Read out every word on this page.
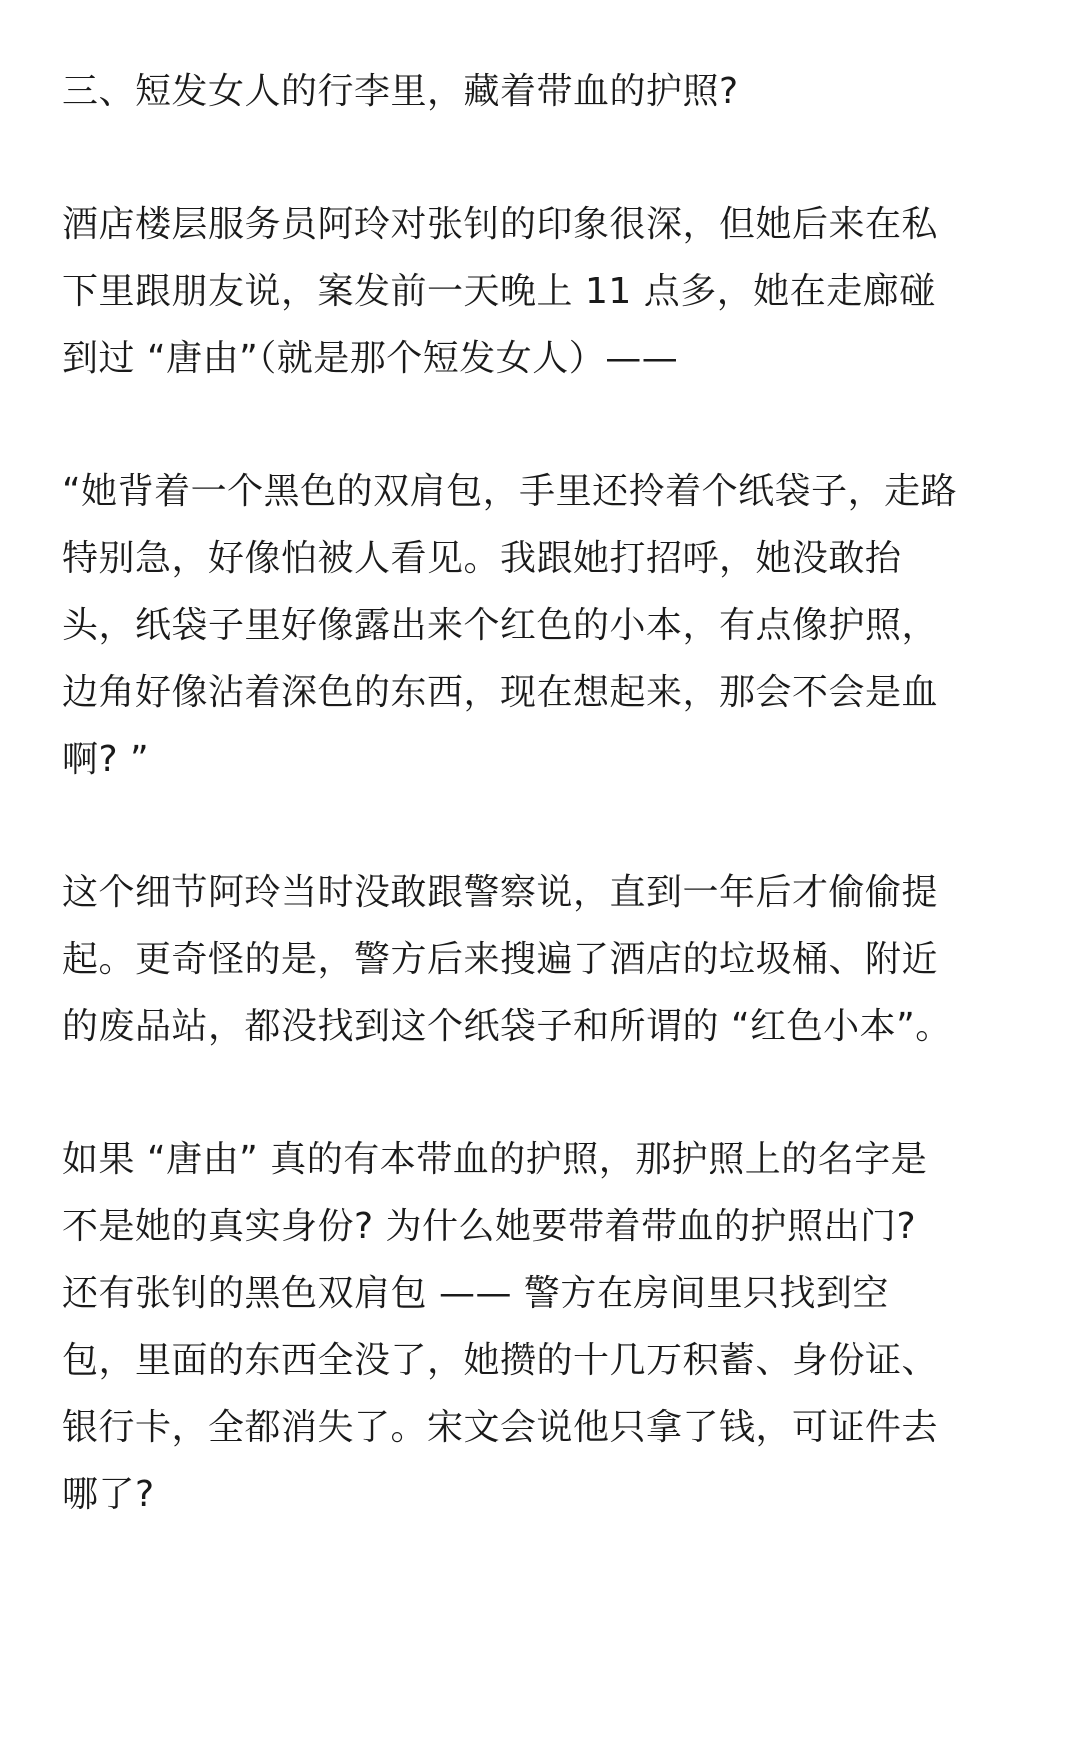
三、短发女人的行李里，藏着带血的护照?
酒店楼层服务员阿玲对张钊的印象很深，但她后来在私
下里跟朋友说，案发前一天晚上 11 点多，她在走廊碰
到过 “唐由”（就是那个短发女人）——
“她背着一个黑色的双肩包，手里还拎着个纸袋子，走路
特别急，好像怕被人看见。我跟她打招呼，她没敢抬
头，纸袋子里好像露出来个红色的小本，有点像护照，
边角好像沾着深色的东西，现在想起来，那会不会是血
啊? ”
这个细节阿玲当时没敢跟警察说，直到一年后才偷偷提
起。更奇怪的是，警方后来搜遍了酒店的垃圾桶、附近
的废品站，都没找到这个纸袋子和所谓的 “红色小本”。
如果 “唐由” 真的有本带血的护照，那护照上的名字是
不是她的真实身份? 为什么她要带着带血的护照出门?
还有张钊的黑色双肩包 —— 警方在房间里只找到空
包，里面的东西全没了，她攒的十几万积蓄、身份证、
银行卡，全都消失了。宋文会说他只拿了钱，可证件去
哪了?
